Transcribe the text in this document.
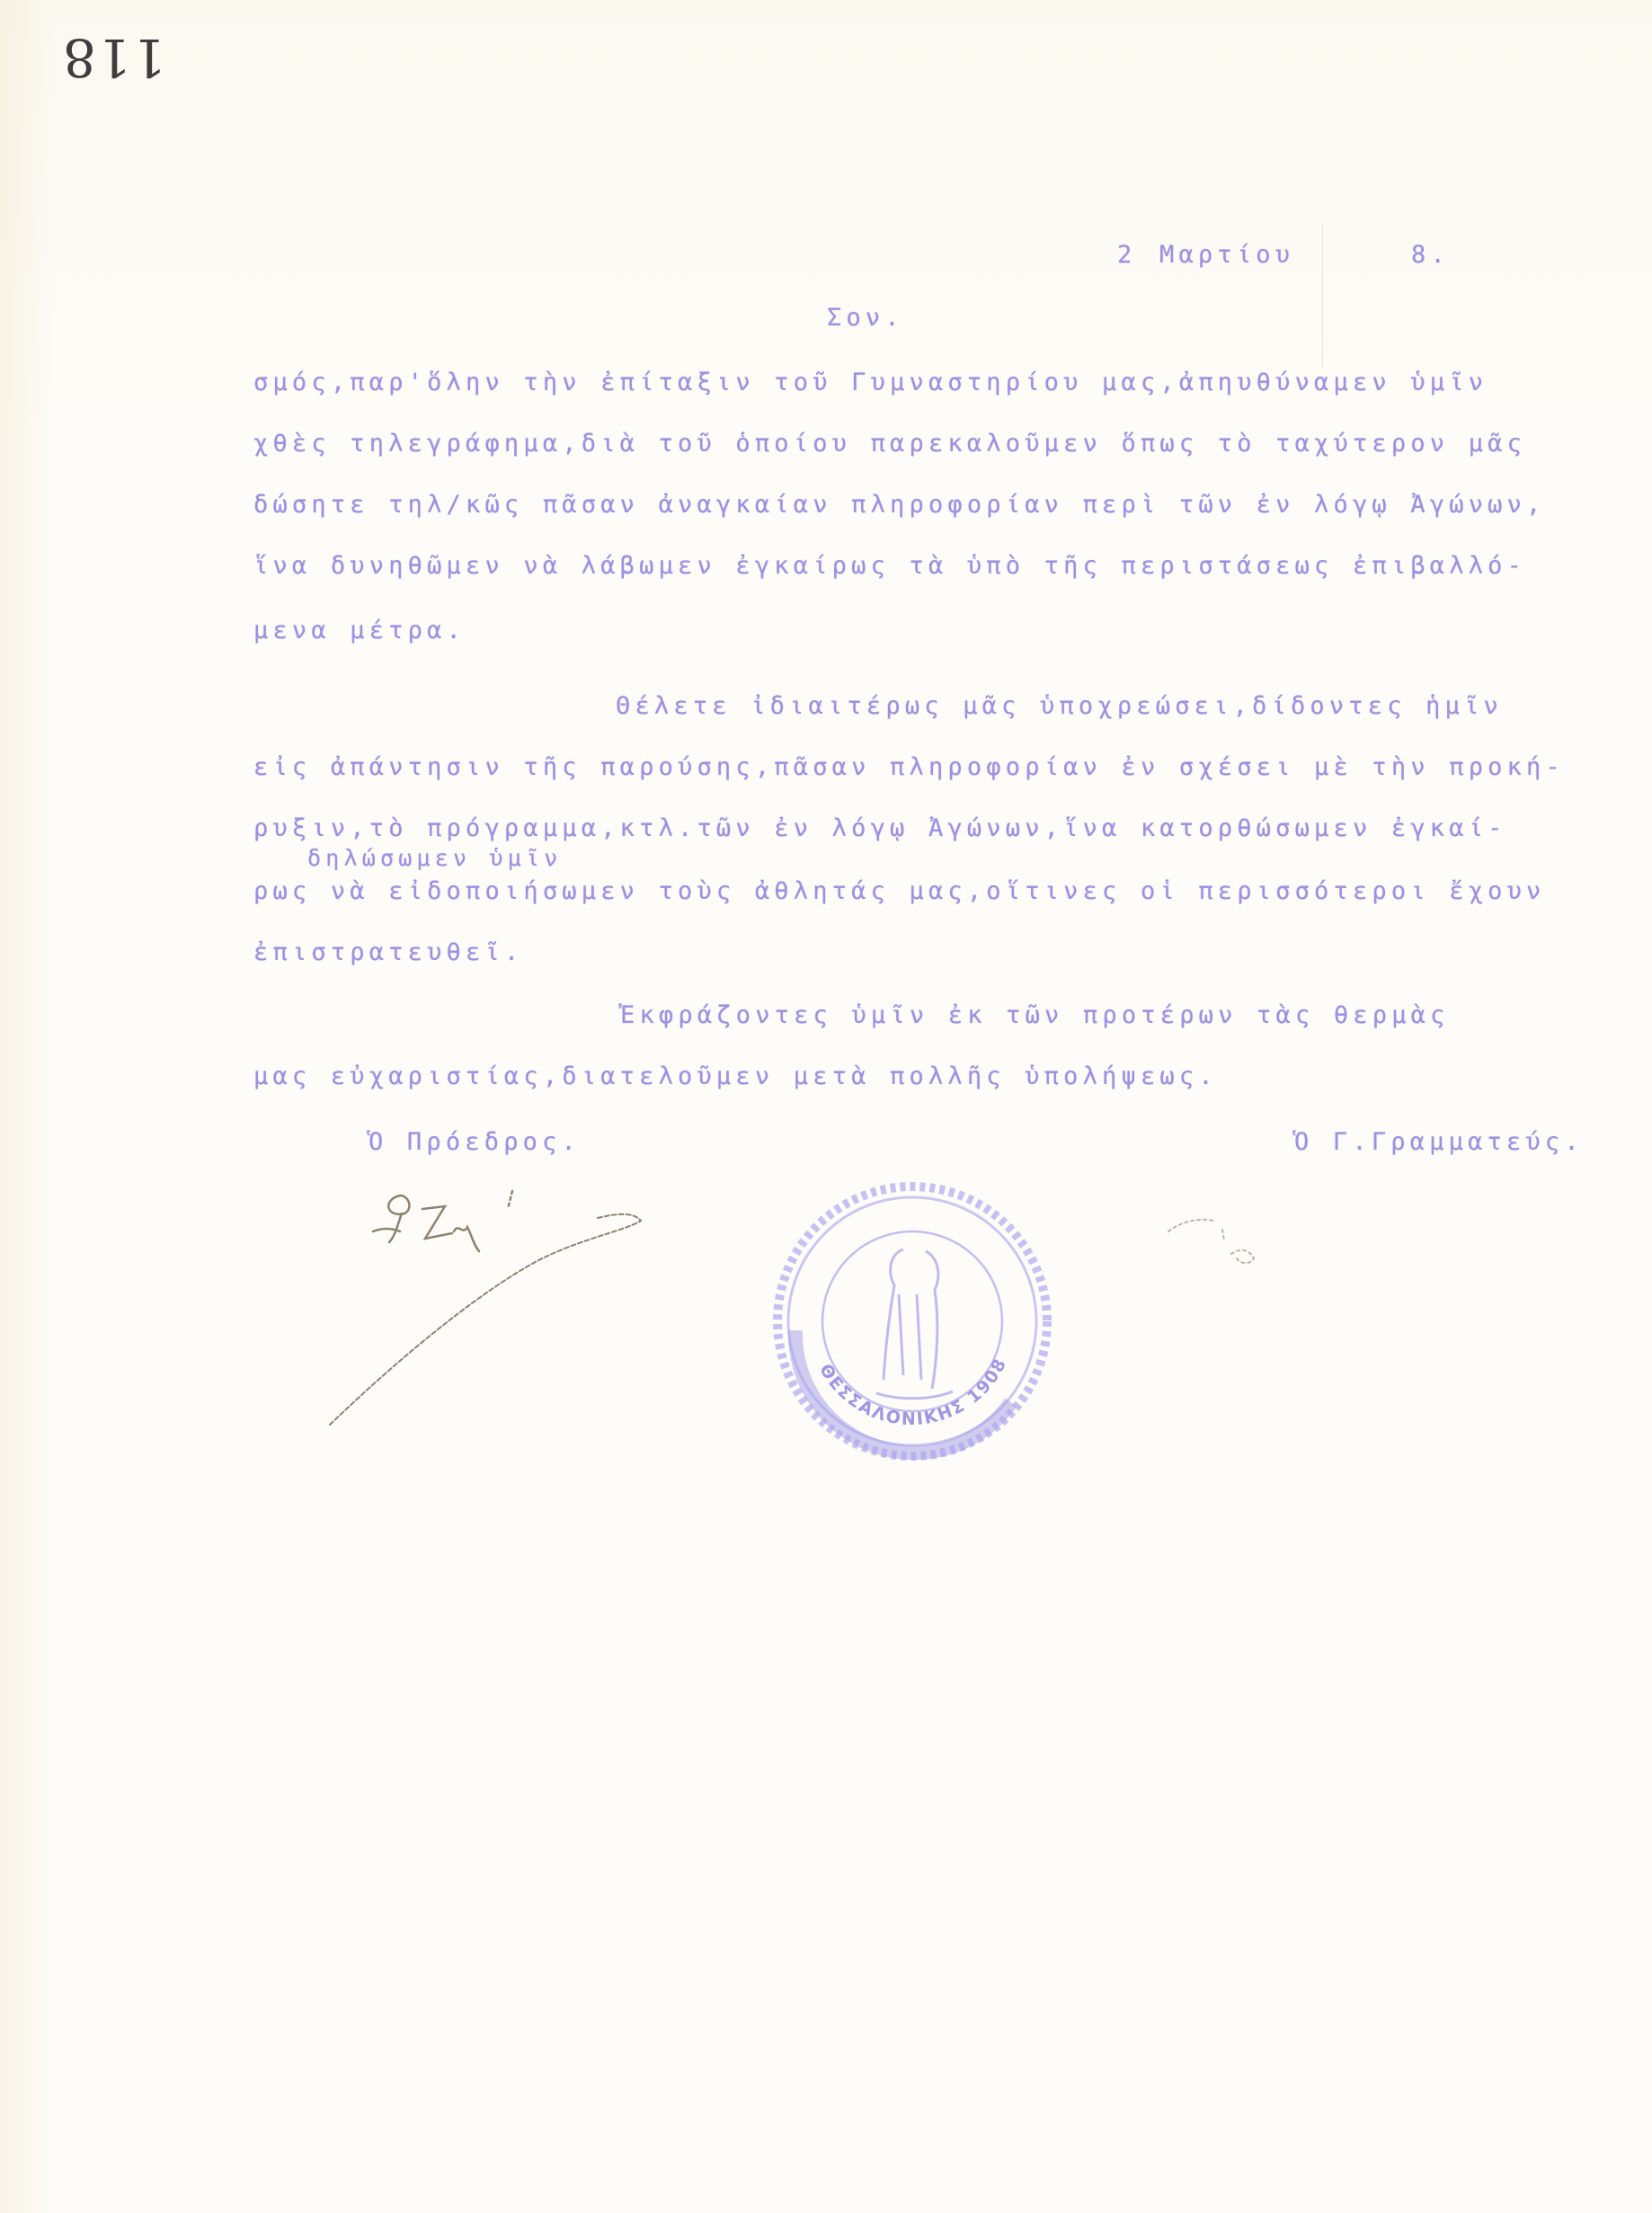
118
2 Μαρτίου	8.
Σον.
σμός,παρ'ὅλην τὴν ἐπίταξιν τοῦ Γυμναστηρίου μας,ἀπηυθύναμεν ὑμῖν
χθὲς τηλεγράφημα,διὰ τοῦ ὁποίου παρεκαλοῦμεν ὅπως τὸ ταχύτερον μᾶς
δώσητε τηλ/κῶς πᾶσαν ἀναγκαίαν πληροφορίαν περὶ τῶν ἐν λόγῳ Ἀγώνων,
ἵνα δυνηθῶμεν νὰ λάβωμεν ἐγκαίρως τὰ ὑπὸ τῆς περιστάσεως ἐπιβαλλό-
μενα μέτρα.
Θέλετε ἰδιαιτέρως μᾶς ὑποχρεώσει,δίδοντες ἡμῖν
εἰς ἀπάντησιν τῆς παρούσης,πᾶσαν πληροφορίαν ἐν σχέσει μὲ τὴν προκή-
ρυξιν,τὸ πρόγραμμα,κτλ.τῶν ἐν λόγῳ Ἀγώνων,ἵνα κατορθώσωμεν ἐγκαί-
δηλώσωμεν ὑμῖν
ρως νὰ εἰδοποιήσωμεν τοὺς ἀθλητάς μας,οἵτινες οἱ περισσότεροι ἔχουν
ἐπιστρατευθεῖ.
Ἐκφράζοντες ὑμῖν ἐκ τῶν προτέρων τὰς θερμὰς
μας εὐχαριστίας,διατελοῦμεν μετὰ πολλῆς ὑπολήψεως.
Ὁ Πρόεδρος.	Ὁ Γ.Γραμματεύς.
ΘΕΣΣΑΛΟΝΙΚΗΣ 1908
